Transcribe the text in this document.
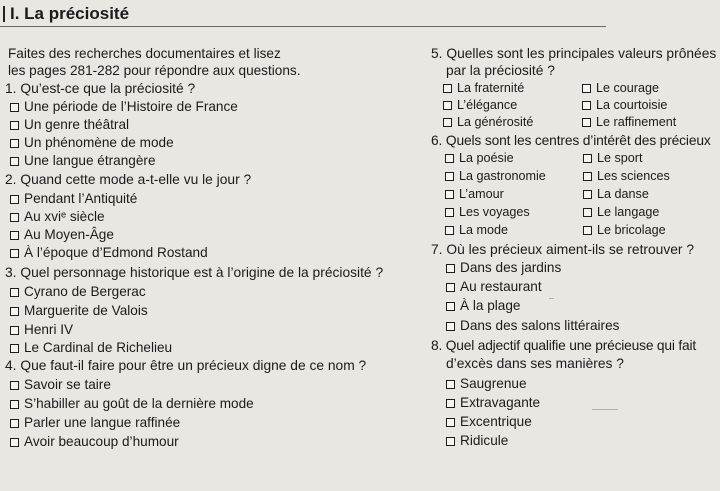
I. La préciosité
Faites des recherches documentaires et lisez
les pages 281-282 pour répondre aux questions.
1. Qu’est-ce que la préciosité ?
Une période de l’Histoire de France
Un genre théâtral
Un phénomène de mode
Une langue étrangère
2. Quand cette mode a-t-elle vu le jour ?
Pendant l’Antiquité
Au xviᵉ siècle
Au Moyen-Âge
À l’époque d’Edmond Rostand
3. Quel personnage historique est à l’origine de la préciosité ?
Cyrano de Bergerac
Marguerite de Valois
Henri IV
Le Cardinal de Richelieu
4. Que faut-il faire pour être un précieux digne de ce nom ?
Savoir se taire
S’habiller au goût de la dernière mode
Parler une langue raffinée
Avoir beaucoup d’humour
5. Quelles sont les principales valeurs prônées
par la préciosité ?
La fraternité
L’élégance
La générosité
Le courage
La courtoisie
Le raffinement
6. Quels sont les centres d’intérêt des précieux
La poésie
La gastronomie
L’amour
Les voyages
La mode
Le sport
Les sciences
La danse
Le langage
Le bricolage
7. Où les précieux aiment-ils se retrouver ?
Dans des jardins
Au restaurant
À la plage
Dans des salons littéraires
8. Quel adjectif qualifie une précieuse qui fait
d’excès dans ses manières ?
Saugrenue
Extravagante
Excentrique
Ridicule
